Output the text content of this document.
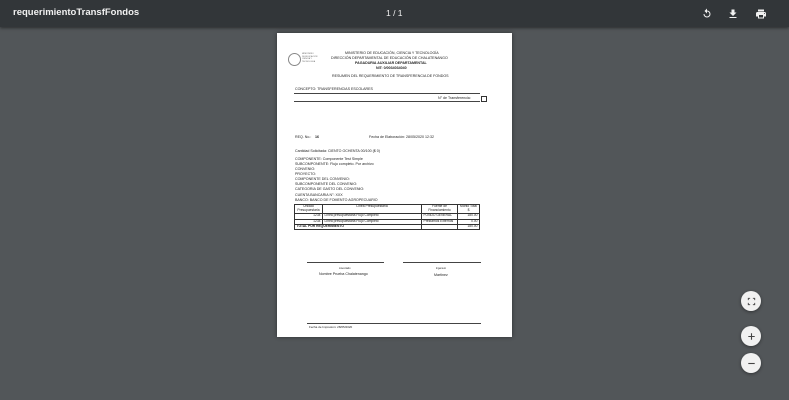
requerimientoTransfFondos	1 / 1
MINISTERIO
DE EDUCACIÓN
CIENCIA Y
TECNOLOGÍA
MINISTERIO DE EDUCACIÓN, CIENCIA Y TECNOLOGÍA
DIRECCIÓN DEPARTAMENTAL DE EDUCACIÓN DE CHALATENANGO
PAGADURIA AUXILIAR DEPARTAMENTAL
NIT: 0/0034034040
RESUMEN DEL REQUERIMIENTO DE TRANSFERENCIA DE FONDOS
CONCEPTO: TRANSFERENCIAS ESCOLARES
N° de Transferencia:
REQ. No.: 16	Fecha de Elaboración: 28/05/2020 12:32
Cantidad Solicitada: CIENTO OCHENTA 00/100 ($ 0)
COMPONENTE: Componente Test Simple
SUBCOMPONENTE: Flujo completo. Por archivo
CONVENIO:
PROYECTO:
COMPONENTE DEL CONVENIO:
SUBCOMPONENTE DEL CONVENIO:
CATEGORIA DE GASTO DEL CONVENIO:
CUENTA BANCARIA N°: XXX
BANCO: BANCO DE FOMENTO AGROPECUARIO
Unidad Presupuestaria	Línea Presupuestaria	Fuente de Financiamiento	Monto Total $
1234	Línea presupuestaria Flujo Completo	FONDO GENERAL	180.00
1234	Línea presupuestaria Flujo Completo	Préstamos Externos	0.00
TOTAL POR REQUERIMIENTO			180.00
Licenciado
Nombre Prueba Chalatenango
Ingeniero
Martinez
Fecha de Impresión: 28/05/2020
